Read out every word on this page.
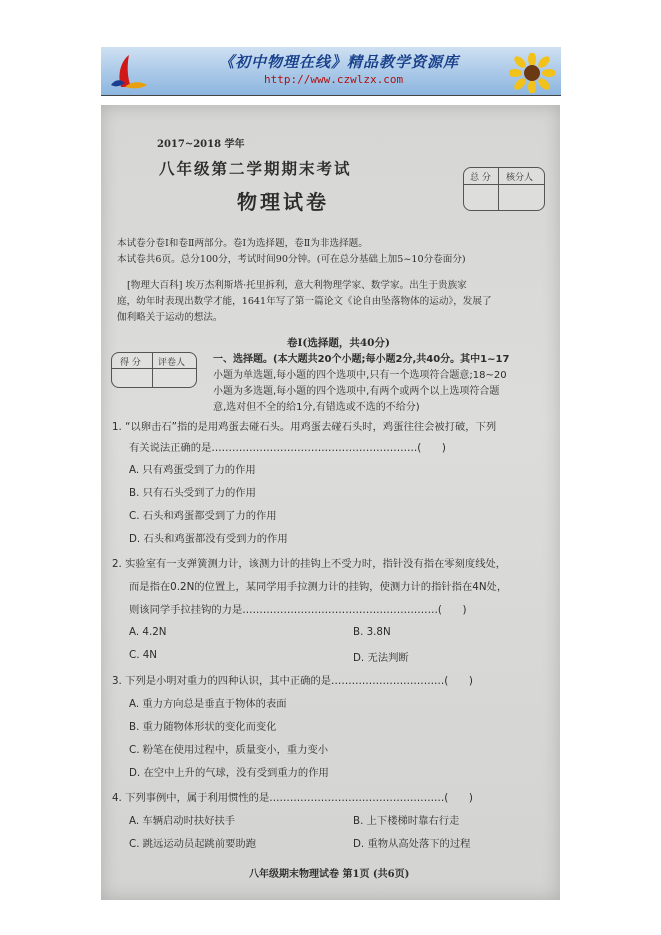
《初中物理在线》精品教学资源库
http://www.czwlzx.com
2017~2018 学年
八年级第二学期期末考试
物理试卷
总 分 核分人
本试卷分卷Ⅰ和卷Ⅱ两部分。卷Ⅰ为选择题，卷Ⅱ为非选择题。
本试卷共6页。总分100分，考试时间90分钟。(可在总分基础上加5~10分卷面分)
[物理大百科] 埃万杰利斯塔·托里拆利，意大利物理学家、数学家。出生于贵族家
庭，幼年时表现出数学才能，1641年写了第一篇论文《论自由坠落物体的运动》，发展了
伽利略关于运动的想法。
卷Ⅰ(选择题，共40分)
得 分 评卷人	一、选择题。(本大题共20个小题;每小题2分,共40分。其中1~17
小题为单选题,每小题的四个选项中,只有一个选项符合题意;18~20
小题为多选题,每小题的四个选项中,有两个或两个以上选项符合题
意,选对但不全的给1分,有错选或不选的不给分)
1. “以卵击石”指的是用鸡蛋去碰石头。用鸡蛋去碰石头时，鸡蛋往往会被打破，下列
有关说法正确的是……………………………………………………(　　)
A. 只有鸡蛋受到了力的作用
B. 只有石头受到了力的作用
C. 石头和鸡蛋都受到了力的作用
D. 石头和鸡蛋都没有受到力的作用
2. 实验室有一支弹簧测力计，该测力计的挂钩上不受力时，指针没有指在零刻度线处，
而是指在0.2N的位置上，某同学用手拉测力计的挂钩，使测力计的指针指在4N处，
则该同学手拉挂钩的力是…………………………………………………(　　)
A. 4.2N	B. 3.8N
C. 4N	D. 无法判断
3. 下列是小明对重力的四种认识，其中正确的是……………………………(　　)
A. 重力方向总是垂直于物体的表面
B. 重力随物体形状的变化而变化
C. 粉笔在使用过程中，质量变小，重力变小
D. 在空中上升的气球，没有受到重力的作用
4. 下列事例中，属于利用惯性的是……………………………………………(　　)
A. 车辆启动时扶好扶手	B. 上下楼梯时靠右行走
C. 跳远运动员起跳前要助跑	D. 重物从高处落下的过程
八年级期末物理试卷 第1页 (共6页)
